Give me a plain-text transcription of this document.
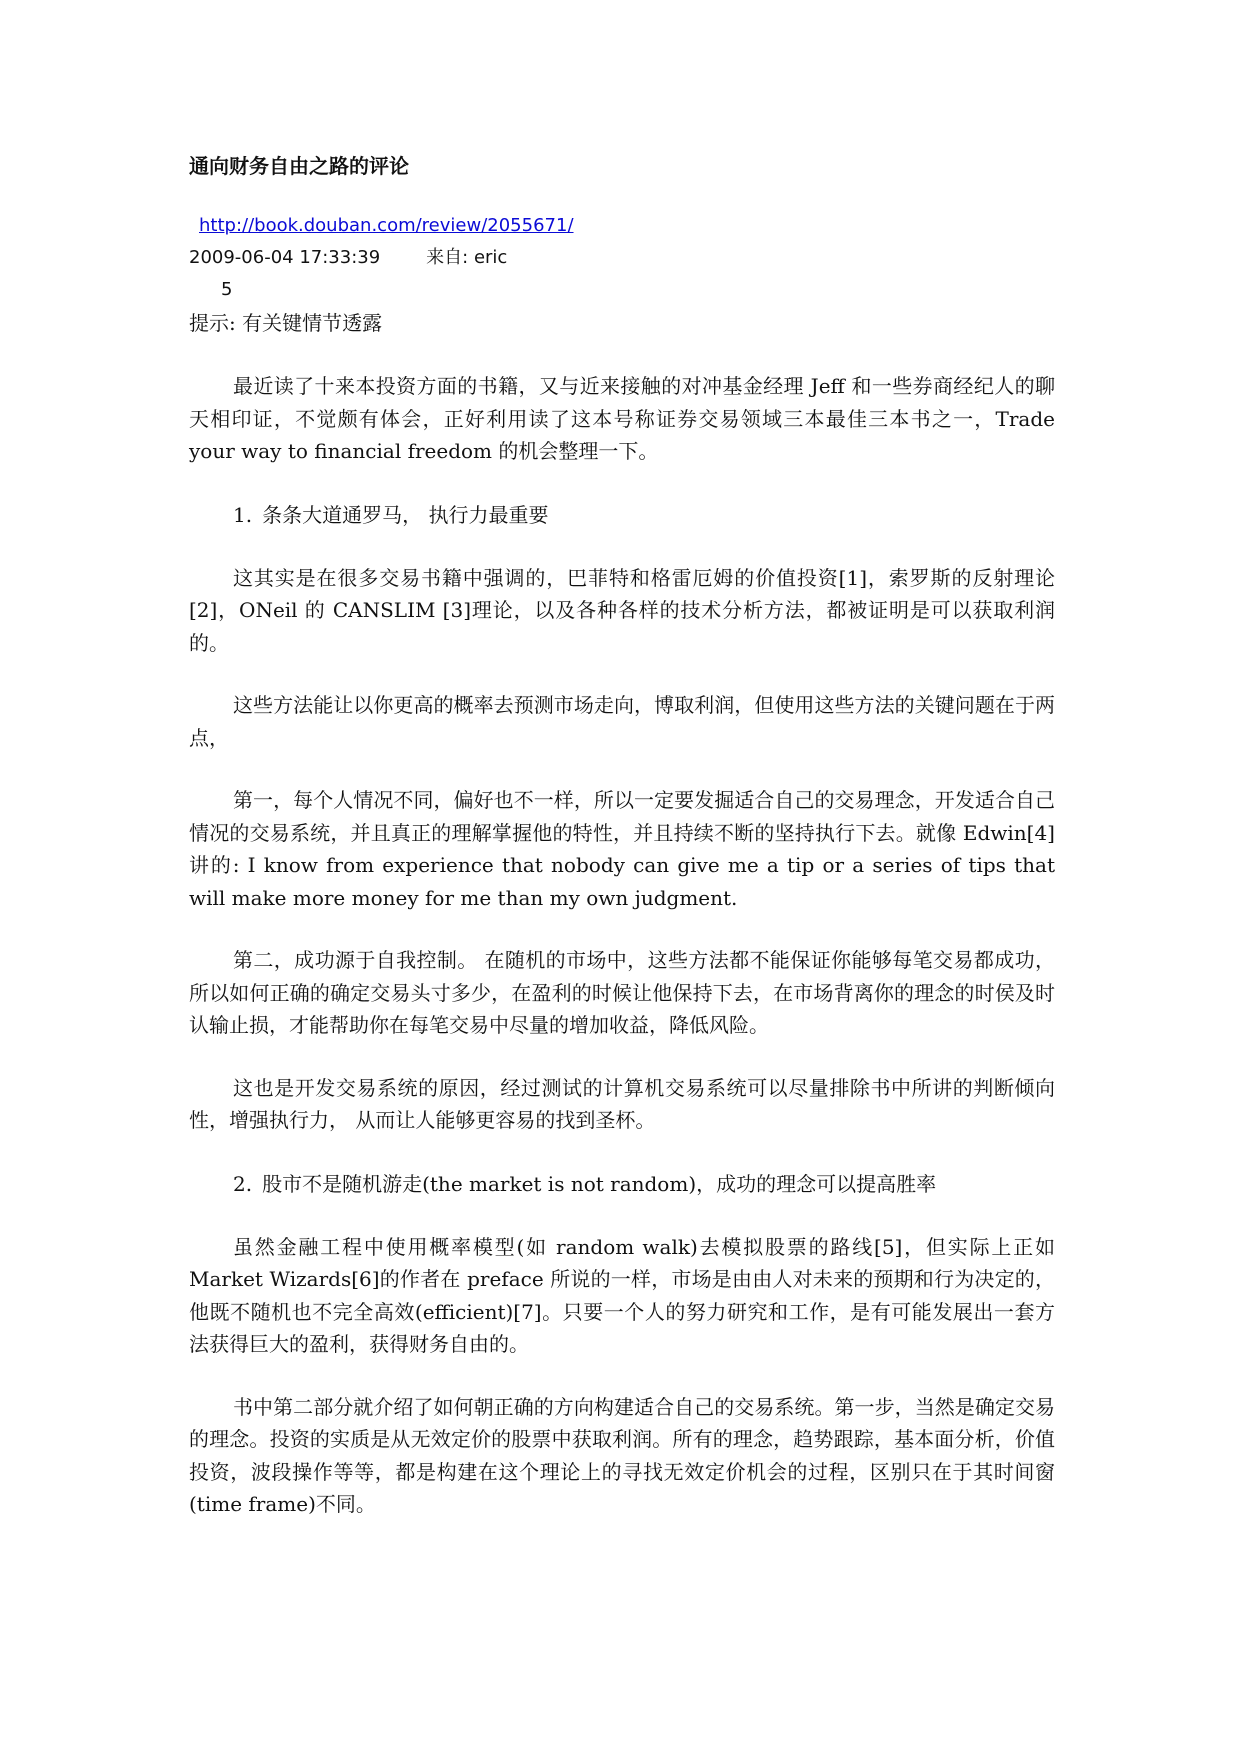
通向财务自由之路的评论
http://book.douban.com/review/2055671/
2009-06-04 17:33:39	来自: eric
5
提示: 有关键情节透露

最近读了十来本投资方面的书籍，又与近来接触的对冲基金经理 Jeff 和一些券商经纪人的聊天相印证，不觉颇有体会，正好利用读了这本号称证券交易领域三本最佳三本书之一，Trade your way to financial freedom 的机会整理一下。

1. 条条大道通罗马， 执行力最重要

这其实是在很多交易书籍中强调的，巴菲特和格雷厄姆的价值投资[1]，索罗斯的反射理论[2]，ONeil 的 CANSLIM [3]理论，以及各种各样的技术分析方法，都被证明是可以获取利润的。

这些方法能让以你更高的概率去预测市场走向，博取利润，但使用这些方法的关键问题在于两点，

第一，每个人情况不同，偏好也不一样，所以一定要发掘适合自己的交易理念，开发适合自己情况的交易系统，并且真正的理解掌握他的特性，并且持续不断的坚持执行下去。就像 Edwin[4]讲的: I know from experience that nobody can give me a tip or a series of tips that will make more money for me than my own judgment.

第二，成功源于自我控制。 在随机的市场中，这些方法都不能保证你能够每笔交易都成功，所以如何正确的确定交易头寸多少，在盈利的时候让他保持下去，在市场背离你的理念的时侯及时认输止损，才能帮助你在每笔交易中尽量的增加收益，降低风险。

这也是开发交易系统的原因，经过测试的计算机交易系统可以尽量排除书中所讲的判断倾向性，增强执行力， 从而让人能够更容易的找到圣杯。

2. 股市不是随机游走(the market is not random)，成功的理念可以提高胜率

虽然金融工程中使用概率模型(如 random walk)去模拟股票的路线[5]，但实际上正如 Market Wizards[6]的作者在 preface 所说的一样，市场是由由人对未来的预期和行为决定的，他既不随机也不完全高效(efficient)[7]。只要一个人的努力研究和工作，是有可能发展出一套方法获得巨大的盈利，获得财务自由的。

书中第二部分就介绍了如何朝正确的方向构建适合自己的交易系统。第一步，当然是确定交易的理念。投资的实质是从无效定价的股票中获取利润。所有的理念，趋势跟踪，基本面分析，价值投资，波段操作等等，都是构建在这个理论上的寻找无效定价机会的过程，区别只在于其时间窗(time frame)不同。
